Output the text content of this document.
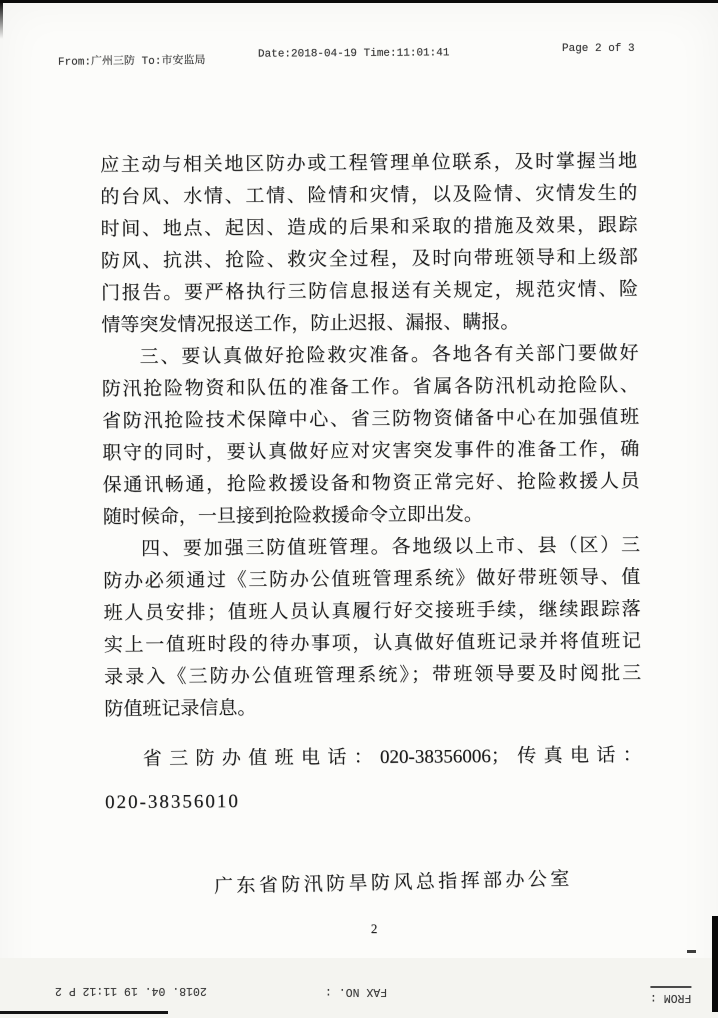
From:广州三防 To:市安监局
Date:2018-04-19 Time:11:01:41	Page 2 of 3
应主动与相关地区防办或工程管理单位联系，及时掌握当地
的台风、水情、工情、险情和灾情，以及险情、灾情发生的
时间、地点、起因、造成的后果和采取的措施及效果，跟踪
防风、抗洪、抢险、救灾全过程，及时向带班领导和上级部
门报告。要严格执行三防信息报送有关规定，规范灾情、险
情等突发情况报送工作，防止迟报、漏报、瞒报。
三、要认真做好抢险救灾准备。各地各有关部门要做好
防汛抢险物资和队伍的准备工作。省属各防汛机动抢险队、
省防汛抢险技术保障中心、省三防物资储备中心在加强值班
职守的同时，要认真做好应对灾害突发事件的准备工作，确
保通讯畅通，抢险救援设备和物资正常完好、抢险救援人员
随时候命，一旦接到抢险救援命令立即出发。
四、要加强三防值班管理。各地级以上市、县（区）三
防办必须通过《三防办公值班管理系统》做好带班领导、值
班人员安排；值班人员认真履行好交接班手续，继续跟踪落
实上一值班时段的待办事项，认真做好值班记录并将值班记
录录入《三防办公值班管理系统》；带班领导要及时阅批三
防值班记录信息。
省三防办值班电话：020-38356006；传真电话：
020-38356010
广东省防汛防旱防风总指挥部办公室
2
2018. 04. 19 11:12 P 2	FAX NO. :	FROM :
